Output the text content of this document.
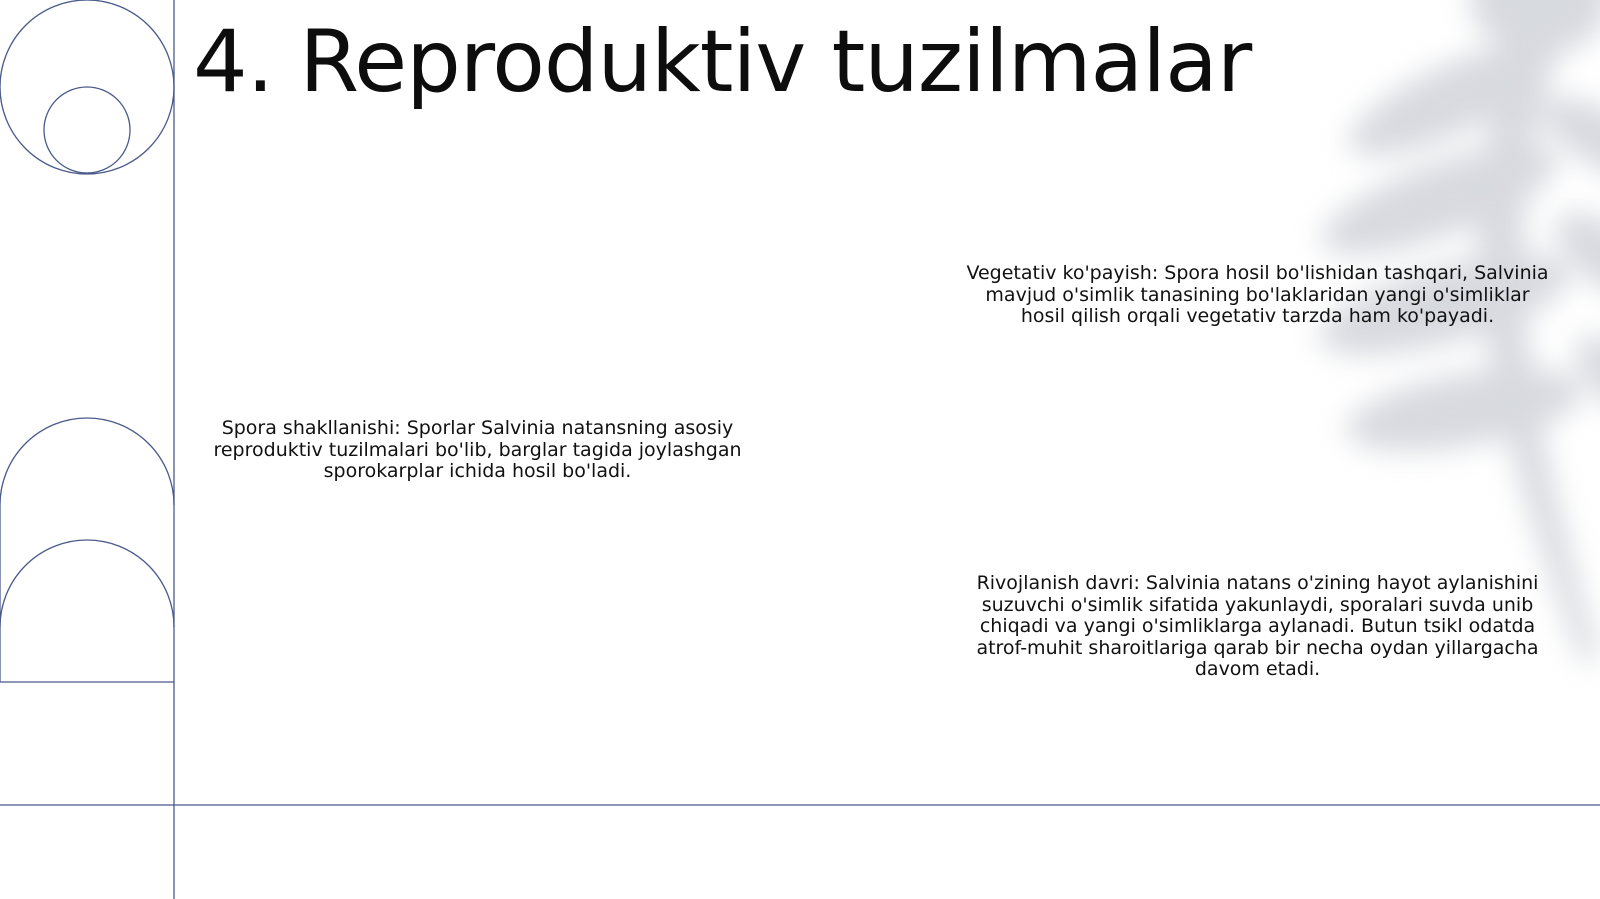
4. Reproduktiv tuzilmalar

Spora shakllanishi: Sporlar Salvinia natansning asosiy reproduktiv tuzilmalari bo'lib, barglar tagida joylashgan sporokarplar ichida hosil bo'ladi.

Vegetativ ko'payish: Spora hosil bo'lishidan tashqari, Salvinia mavjud o'simlik tanasining bo'laklaridan yangi o'simliklar hosil qilish orqali vegetativ tarzda ham ko'payadi.

Rivojlanish davri: Salvinia natans o'zining hayot aylanishini suzuvchi o'simlik sifatida yakunlaydi, sporalari suvda unib chiqadi va yangi o'simliklarga aylanadi. Butun tsikl odatda atrof-muhit sharoitlariga qarab bir necha oydan yillargacha davom etadi.
